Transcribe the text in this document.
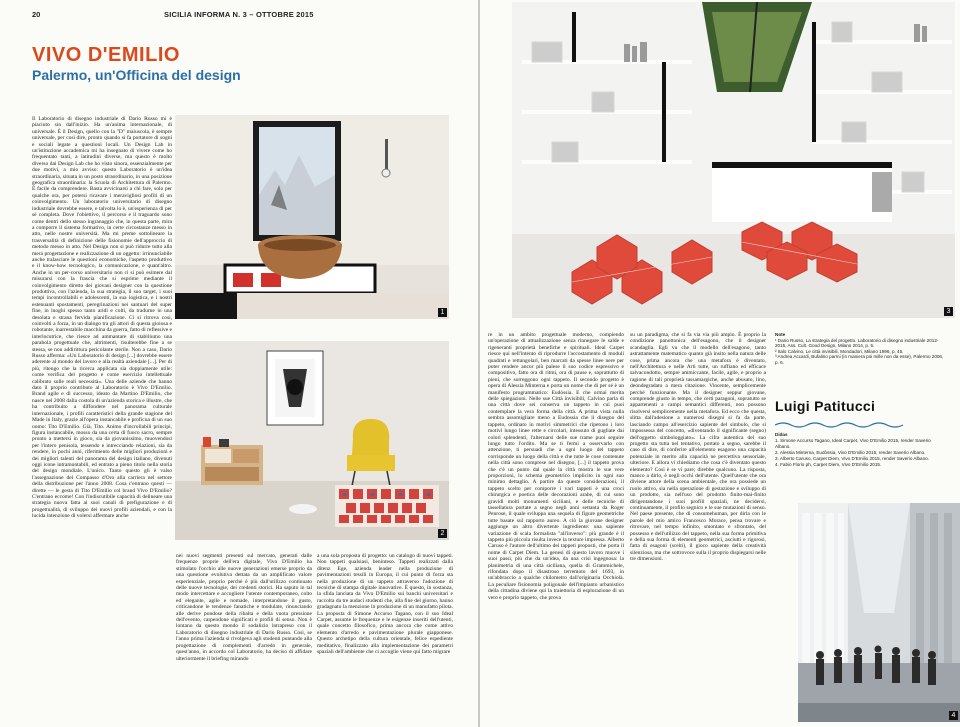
20	SICILIA INFORMA N. 3 – OTTOBRE 2015
VIVO D'EMILIO
Palermo, un'Officina del design

Il Laboratorio di disegno industriale di Dario Russo mi è piaciuto sin dall'inizio. Ha un'anima internazionale, di universale. È il Design, quello con la "D" maiuscola, è sempre universale, per così dire, pronto quando si fa portatore di sogni e sociali legate a questioni locali. Un Design Lab in un'istituzione accademica mi ha insegnato di vivere come ho frequentato tanti, a latitudini diverse, ma questo è molto diverso dai Design Lab che ho visto sinora, essenzialmente per due motivi, a mio avviso: questo Laboratorio è un'idea straordinaria, situata in un posto straordinario, in una posizione geografica straordinaria: la Scuola di Architettura di Palermo. È facile da comprendere. Basta avvicinarsi a chi fare, solo per qualche ora, per potersi ricavare i meravigliosi profili di un coinvolgimento. Un laboratorio universitario di disegno industriale dovrebbe essere, e talvolta lo è, un'esperienza di per sé completa. Dove l'obiettivo, il percorso e il traguardo sono come dentri dello stesso ingranaggio che, in questa parte, mira a comporre il sistema formativo, in certe circostanze messo in atto, nelle nostre università. Ma mi preme sottolineare la trasversalità di definizione delle fisionomie dell'approccio di metodo messo in atto. Nel Design non si può ridurre tutto alla mera progettazione e realizzazione di un oggetto: irrinunciabile anche tralasciare le questioni economiche, l'aspetto produttivo e il know-how tecnologico, la comunicazione, e quant'altro. Anche in un per-corso universitario non ci si può esimere dal misurarsi con la frascia che si esprime mediante il coinvolgimento diretto dei giovani designer con la questione produttiva, con l'azienda, la sua strategia, il suo target, i suoi tempi incontrollabili e adolescenti, la sua logistica, e i nostri estenuanti spostamenti, peregrinazioni nei santuari del super fine, in luoghi spesso tanto aridi e colti, da tradurne in una desolata e strana fervida pianificazione. Ci si ritrova così, coinvolti a forza, in un dialogo tra gli attori di questa gioiosa e robotante, inarrestabile macchina da guerra, fatto di reflessive e interlocutrice, che riesce ad ammantare di stabiliumo una parabola progettuale che, altrimenti, risulterebbe fine a se stessa, se non addirittura pericolante sterile. Non a caso, Dario Russo afferma: «Un Laboratorio di design [...] dovrebbe essere aderente al mondo del lavoro e alla realtà aziendale [...]. Per di più, ritengo che la ricerca applicata sia doppiamente utile: come verifica del progetto e come esercizio intellettuale calibrato sulle reali necessità». Una delle aziende che hanno dato il proprio contributo al Laboratorio è Vivo D'Emilio. Brand agile e di successo, ideato da Martino D'Emilio, che nasce nel 2008 dalla costola di un'azienda storica e illustre, che ha contribuito a diffondere nel panorama culturale internazionale, i profili caratteristici della grande stagione del Made in Italy, grazie all'opera instancabile e proficua di un suo uomo: Tito D'Emilio. Già, Tito. Animo d'incrollabili principi, figura instancabile, mosso da una certa di fuoco sacro, sempre pronto a mettersi in gioco, sia da giovanissimo, muovendosi per l'intero penisola, tessendo e intrecciando relazioni, sia da rendere, in pochi anni, riferimento delle migliori produzioni e dei migliori talenti del panorama del design italiano, divenuti oggi icone intramontabili, ed entrato a pieno titolo nella storia del design mondiale. L'unico. Tanto questo gli è valso l'assegnazione del Compasso d'Oro alla carriera nel settore della distribuzione per l'anno 2008. Cosa c'entrano questi — dirette — le gesta di Tito D'Emilio col brand Vivo D'Emilio? C'entrano eccome! Con l'indiscutibile capacità di delineare una strategia nuova fatta ai suoi canali di prefigurazione e di progettualità, di sviluppo dei nuovi profili aziendali, e con la lucida intenzione di volersi affermare anche

1
2

nei nuovi segmenti presenti sul mercato, generati dalle frequenze proprie dell'era digitale, Vivo D'Emilio ha stimolato l'occhio alle nuove generazioni emerse proprio da una questione evolutiva dettata da un amplificato valore esperienziale, proprio perché è più dall'utilizzo continuato delle nuove tecnologie, dei credenti storici. Ha saputo in tal modo intercettare e accogliere l'utente contemporaneo, colto ed elegante, agile e nomade, interpretandone il gusto, criticandone le tendenze fanatiche e modulate, rinunciando alle derive pondose della ribalta e della vuota pressione dell'evento, carpendone significati e profili di senso. Non è lontano da questo mondo il sodalizio intrapreso con il Laboratorio di disegno industriale di Dario Russo. Così, se l'anno prima l'azienda si rivolgeva agli studenti puntando alla progettazione di complementi d'arredo in generale, quest'anno, in accordo col Laboratorio, ha deciso di affidare ulteriormente il briefing mirando

a una sola proposta di progetto: un catalogo di nuovi tappeti. Non tappeti qualsiasi, beninteso. Tappeti realizzati dalla ditenz Ege, azienda leader nella produzione di pavimentazioni tessili in Europa, il cui punto di forza sta nella produzione di un tappeto attraverso l'adozione di tecniche di stampa digitale innovative. È questo, in sostanza, la sfida lanciata da Vivo D'Emilio sui banchi universitari e raccolta da tre audaci studenti che, alla fine del giorno, hanno gradagnato la menzione in produzione di un manufatto pilota. La proposta di Simone Accurso Tagano, con il suo Ideal Carpet, assume le frequenze e le esigenze inseriti dell'utenti, quale concetto filosofico, prima ancora che come attivo elemento d'arredo e pavimentazione plurale giapponese. Questo archetipo della cultura orientale, felice espediente meditativo, finalizzato alla implementazione dei parametri spaziali dell'ambiente che ci accoglie viene qui fatto migrare

3

re in un ambito progettuale moderno, compiendo un'operazione di attualizzazione senza rinnegare le salde e rigeneranti proprietà benefiche e spirituali. Ideal Carpet riesce qui nell'intento di riprodurre l'accostamento di moduli quadrati e rettangolari, ben marcati da spesse linee nere per poter rendere ancor più palese il suo codice espressivo e compositivo, fatto ora di ritmi, ora di pause e, soprattutto di pieni, che sorreggono ogni tappeto. Il secondo progetto è opera di Alessia Minterna e porta un nome che di per sé è un manifesto programmatico: Eudòssia. E che ormai merita delle spiegazioni. Nelle sue Città invisibili, Calvino parla di una città dove sei conserva un tappeto in cui puoi contemplare la vera forma della città. A prima vista nulla sembra assomigliare meno a Eudossia che il disegno del tappeto, ordinato in motivi simmetrici che ripetono i loro motivi lungo linee rette e circolari, intessuto di gugliate dai colori splendenti, l'alternarsi delle sue trame puoi seguire lungo tutto l'ordito. Ma se ti fermi a osservarlo con attenzione, ti persuadi che a ogni luogo del tappeto corrisponde un luogo della città e che tutte le cose contenute nella città sono comprese nel disegno, [...] il tappeto prova che c'è un punto dal quale la città mostra le sue vere proporzioni, lo schema geometrico implicito in ogni suo minimo dettaglio. A partire da queste considerazioni, il tappeto scelto per comporre i vari tappeti è una croci chirurgica e poetica delle decorazioni arabe, di cui sono gravidi molti monumenti siciliani, e delle tecniche di tassellatura portate a segno negli anni settanta da Roger Penrose, il quale sviluppa una sequela di figure geometriche tutte basate sul rapporto aureo. A ciò la giovane designer aggiunge un altro divertente ingrediente: una sapiente variazione di scala formalista "all'inverso": più grande è il tappeto più piccola risulta invece la texture impressa. Alberto Caruso è l'autore dell'ultimo dei tappeti proposti, che porta il nome di Carpet Diem. La genesi di questo lavoro muove i suoi passi, più che da un'idea, da una crisi ingegnosa: la planimetria di una città siciliana, quella di Grammichele, rifondata dopo il disastroso terremoto del 1693, in un'abbraccio a qualche chilometro dall'originaria Occhiolà. La peculiare fisionomia poligonale dell'impianto urbanistico della cittadina diviene qui la traiettoria di esplorazione di un vero e proprio tappeto, che prova

su un paradigma, che si fa via via più ampio. È proprio la condizione panottonica dell'esagono, che il designer scandaglia. Egli vu che il modello dell'esagono, tanto astrattamente matematico quanto già insito nella natura delle cose, prima ancora che una metafora è diventato, nell'Architettura e nelle Arti tutte, un ruffiano ed efficace salvacondotto, sempre ammiccante, facile, agile, e proprio a ragione di tali proprietà tassamargiche, anche abusato, lino, deondegradato a mera citazione. Vincente, semplicemente perché funzionante. Ma il designer seppur giovane, comprende giusto in tempo, che certi paragoni, sopratutto se appartenenti a campi semantici differenti, non possono risolversi semplicemente nella metafora. Ed ecco che questa, slitta dall'adesione a numerosi disegni si fa da parte, lasciando campo all'esercizio sapiente del simbolo, che si impossessa del concetto, «diventando il significante (segno) dell'oggetto simbologgiato». La cifra autentica del suo progetto sta tutta nel tentativo, portato a segno, sarebbe il caso di dire, di conferire all'elemento esagono una capacità potenziale in merito alla capacità ne percettiva sensoriale, ulteriore. E allora vi chiediamo che cosa c'è diventato questo elemento? Così è se vi pare; direbbe qualcuno. La risposta, manco a dirlo, è negli occhi dell'utente. Quell'utente che ora diviene attore della scena ambientale, che ora possiede un ruolo attivo, sia nella operazione di gestazione e sviluppo di un prodotto, sia nell'uso del prodotto finito-mai-finito dirigentandone i suoi profili spaziali, ne decidersi, continuamente, il profilo segnico e le sue mutazioni di senso. Nel paese presente, che di consumehuman, per dirla con le parole del mio amico Francesco Morace, pensa trovare e ritrovare, nel tempo infinito, smontato e sfrontato, del possesso e dell'utilizzo del tappeto, nella sua forma primitiva e della sua forma di elementi geometrici, asciutti e rigorosi, fatta di esagoni (scelti), il gioco sapiente della creatività silenziosa, ma che sottrovoce sulla il proprio dispiegarsi nelle tre dimensioni.

Note
¹ Dario Russo, La strategia del progetto. Laboratorio di disegno industriale 2012-2015, Ass. Cult. Good Design, Milano 2014, p. 5.
² Italo Calvino, Le città invisibili, Mondadori, Milano 1996, p. 45.
³ Andrea Accardi, Bufalino parmi (in maniera poi mille non da esse), Palermo 2006, p. 6.
Luigi Patitucci
Didas
1. Simone Accurso Tagano, Ideal Carpet, Vivo D'Emilio 2015, render Saverio Albano.
2. Alessia Minterna, Eudòssia, Vivo D'Emilio 2015, render Saverio Albano.
3. Alberto Caruso, Carpet Diem, Vivo D'Emilio 2015, render Saverio Albano.
4. Fabio Florio ph, Carpet Diem, Vivo D'Emilio 2015.
4
